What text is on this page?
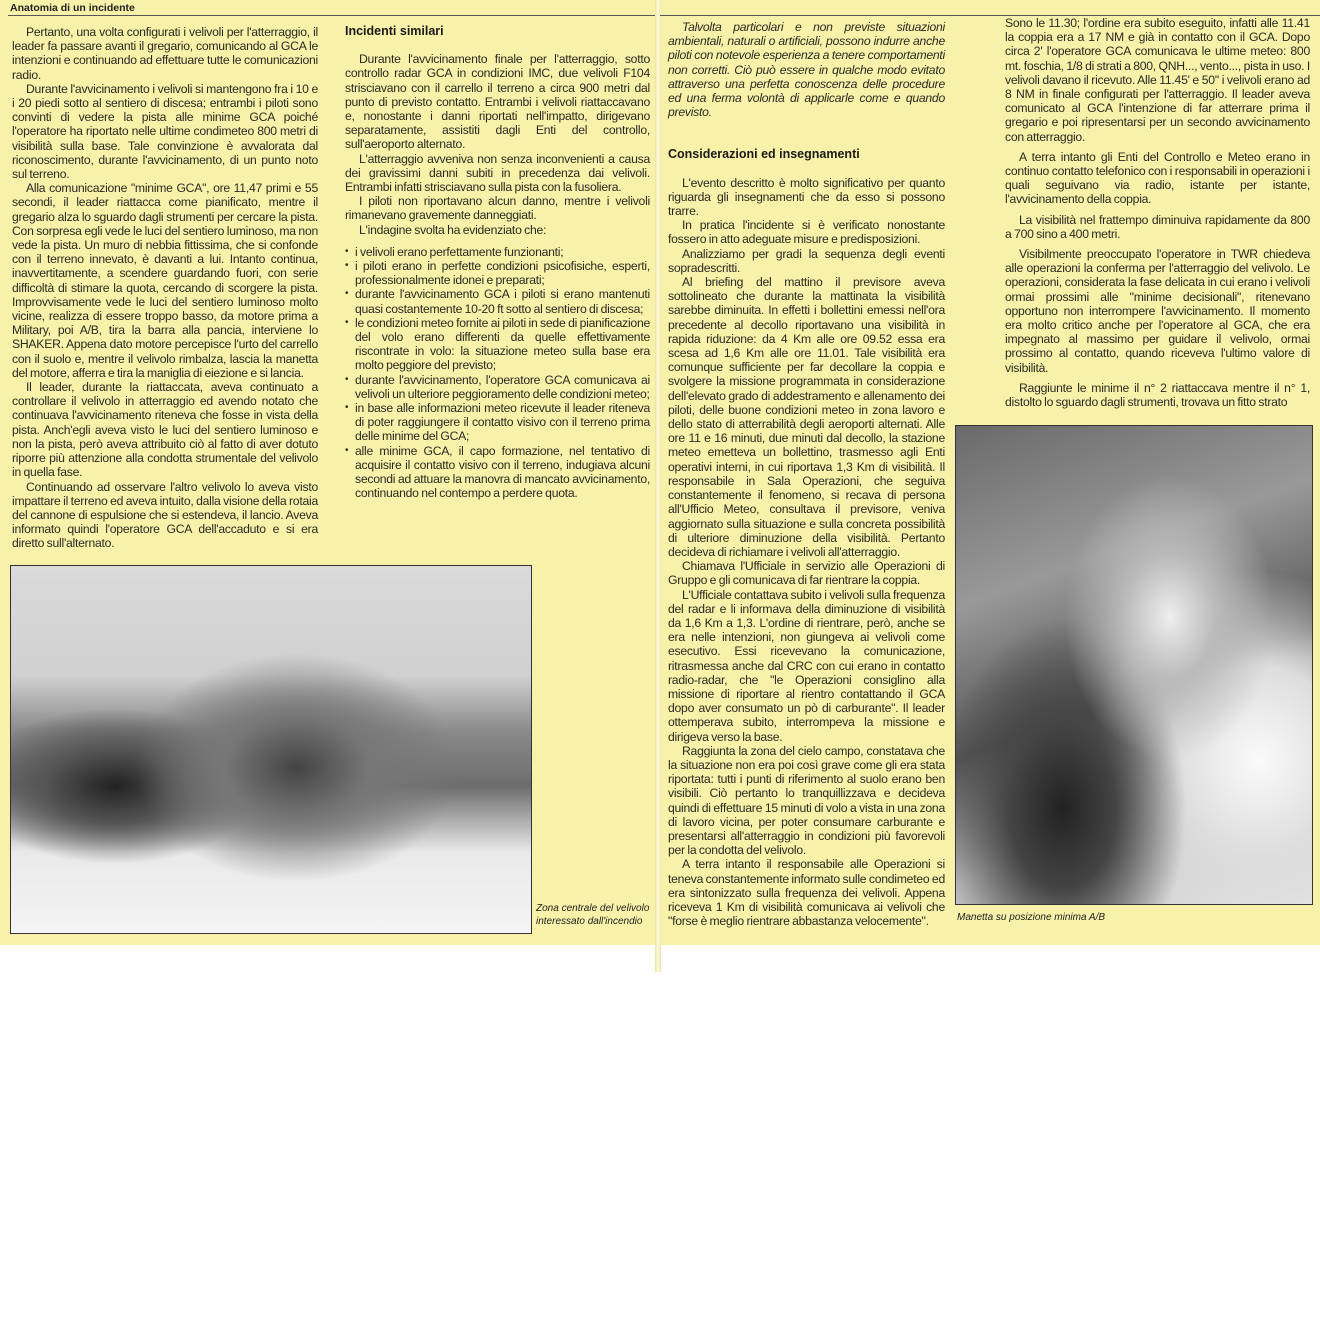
Anatomia di un incidente

Pertanto, una volta configurati i velivoli per l'atterraggio, il leader fa passare avanti il gregario, comunicando al GCA le intenzioni e continuando ad effettuare tutte le comunicazioni radio.

Durante l'avvicinamento i velivoli si mantengono fra i 10 e i 20 piedi sotto al sentiero di discesa; entrambi i piloti sono convinti di vedere la pista alle minime GCA poiché l'operatore ha riportato nelle ultime condimeteo 800 metri di visibilità sulla base. Tale convinzione è avvalorata dal riconoscimento, durante l'avvicinamento, di un punto noto sul terreno.

Alla comunicazione "minime GCA", ore 11,47 primi e 55 secondi, il leader riattacca come pianificato, mentre il gregario alza lo sguardo dagli strumenti per cercare la pista. Con sorpresa egli vede le luci del sentiero luminoso, ma non vede la pista. Un muro di nebbia fittissima, che si confonde con il terreno innevato, è davanti a lui. Intanto continua, inavvertitamente, a scendere guardando fuori, con serie difficoltà di stimare la quota, cercando di scorgere la pista. Improvvisamente vede le luci del sentiero luminoso molto vicine, realizza di essere troppo basso, da motore prima a Military, poi A/B, tira la barra alla pancia, interviene lo SHAKER. Appena dato motore percepisce l'urto del carrello con il suolo e, mentre il velivolo rimbalza, lascia la manetta del motore, afferra e tira la maniglia di eiezione e si lancia.

Il leader, durante la riattaccata, aveva continuato a controllare il velivolo in atterraggio ed avendo notato che continuava l'avvicinamento riteneva che fosse in vista della pista. Anch'egli aveva visto le luci del sentiero luminoso e non la pista, però aveva attribuito ciò al fatto di aver dotuto riporre più attenzione alla condotta strumentale del velivolo in quella fase.

Continuando ad osservare l'altro velivolo lo aveva visto impattare il terreno ed aveva intuito, dalla visione della rotaia del cannone di espulsione che si estendeva, il lancio. Aveva informato quindi l'operatore GCA dell'accaduto e si era diretto sull'alternato.

Incidenti similari

Durante l'avvicinamento finale per l'atterraggio, sotto controllo radar GCA in condizioni IMC, due velivoli F104 strisciavano con il carrello il terreno a circa 900 metri dal punto di previsto contatto. Entrambi i velivoli riattaccavano e, nonostante i danni riportati nell'impatto, dirigevano separatamente, assistiti dagli Enti del controllo, sull'aeroporto alternato.

L'atterraggio avveniva non senza inconvenienti a causa dei gravissimi danni subiti in precedenza dai velivoli. Entrambi infatti strisciavano sulla pista con la fusoliera.

I piloti non riportavano alcun danno, mentre i velivoli rimanevano gravemente danneggiati.

L'indagine svolta ha evidenziato che:

• i velivoli erano perfettamente funzionanti;
• i piloti erano in perfette condizioni psicofisiche, esperti, professionalmente idonei e preparati;
• durante l'avvicinamento GCA i piloti si erano mantenuti quasi costantemente 10-20 ft sotto al sentiero di discesa;
• le condizioni meteo fornite ai piloti in sede di pianificazione del volo erano differenti da quelle effettivamente riscontrate in volo: la situazione meteo sulla base era molto peggiore del previsto;
• durante l'avvicinamento, l'operatore GCA comunicava ai velivoli un ulteriore peggioramento delle condizioni meteo;
• in base alle informazioni meteo ricevute il leader riteneva di poter raggiungere il contatto visivo con il terreno prima delle minime del GCA;
• alle minime GCA, il capo formazione, nel tentativo di acquisire il contatto visivo con il terreno, indugiava alcuni secondi ad attuare la manovra di mancato avvicinamento, continuando nel contempo a perdere quota.
Zona centrale del velivolo interessato dall'incendio

Talvolta particolari e non previste situazioni ambientali, naturali o artificiali, possono indurre anche piloti con notevole esperienza a tenere comportamenti non corretti. Ciò può essere in qualche modo evitato attraverso una perfetta conoscenza delle procedure ed una ferma volontà di applicarle come e quando previsto.

Considerazioni ed insegnamenti

L'evento descritto è molto significativo per quanto riguarda gli insegnamenti che da esso si possono trarre.

In pratica l'incidente si è verificato nonostante fossero in atto adeguate misure e predisposizioni.

Analizziamo per gradi la sequenza degli eventi sopradescritti.

Al briefing del mattino il previsore aveva sottolineato che durante la mattinata la visibilità sarebbe diminuita. In effetti i bollettini emessi nell'ora precedente al decollo riportavano una visibilità in rapida riduzione: da 4 Km alle ore 09.52 essa era scesa ad 1,6 Km alle ore 11.01. Tale visibilità era comunque sufficiente per far decollare la coppia e svolgere la missione programmata in considerazione dell'elevato grado di addestramento e allenamento dei piloti, delle buone condizioni meteo in zona lavoro e dello stato di atterrabilità degli aeroporti alternati. Alle ore 11 e 16 minuti, due minuti dal decollo, la stazione meteo emetteva un bollettino, trasmesso agli Enti operativi interni, in cui riportava 1,3 Km di visibilità. Il responsabile in Sala Operazioni, che seguiva constantemente il fenomeno, si recava di persona all'Ufficio Meteo, consultava il previsore, veniva aggiornato sulla situazione e sulla concreta possibilità di ulteriore diminuzione della visibilità. Pertanto decideva di richiamare i velivoli all'atterraggio.

Chiamava l'Ufficiale in servizio alle Operazioni di Gruppo e gli comunicava di far rientrare la coppia.

L'Ufficiale contattava subito i velivoli sulla frequenza del radar e li informava della diminuzione di visibilità da 1,6 Km a 1,3. L'ordine di rientrare, però, anche se era nelle intenzioni, non giungeva ai velivoli come esecutivo. Essi ricevevano la comunicazione, ritrasmessa anche dal CRC con cui erano in contatto radio-radar, che "le Operazioni consiglino alla missione di riportare al rientro contattando il GCA dopo aver consumato un pò di carburante". Il leader ottemperava subito, interrompeva la missione e dirigeva verso la base.

Raggiunta la zona del cielo campo, constatava che la situazione non era poi così grave come gli era stata riportata: tutti i punti di riferimento al suolo erano ben visibili. Ciò pertanto lo tranquillizzava e decideva quindi di effettuare 15 minuti di volo a vista in una zona di lavoro vicina, per poter consumare carburante e presentarsi all'atterraggio in condizioni più favorevoli per la condotta del velivolo.

A terra intanto il responsabile alle Operazioni si teneva constantemente informato sulle condimeteo ed era sintonizzato sulla frequenza dei velivoli. Appena riceveva 1 Km di visibilità comunicava ai velivoli che "forse è meglio rientrare abbastanza velocemente".

Sono le 11.30; l'ordine era subito eseguito, infatti alle 11.41 la coppia era a 17 NM e già in contatto con il GCA. Dopo circa 2' l'operatore GCA comunicava le ultime meteo: 800 mt. foschia, 1/8 di strati a 800, QNH..., vento..., pista in uso. I velivoli davano il ricevuto. Alle 11.45' e 50'' i velivoli erano ad 8 NM in finale configurati per l'atterraggio. Il leader aveva comunicato al GCA l'intenzione di far atterrare prima il gregario e poi ripresentarsi per un secondo avvicinamento con atterraggio.

A terra intanto gli Enti del Controllo e Meteo erano in continuo contatto telefonico con i responsabili in operazioni i quali seguivano via radio, istante per istante, l'avvicinamento della coppia.

La visibilità nel frattempo diminuiva rapidamente da 800 a 700 sino a 400 metri.

Visibilmente preoccupato l'operatore in TWR chiedeva alle operazioni la conferma per l'atterraggio del velivolo. Le operazioni, considerata la fase delicata in cui erano i velivoli ormai prossimi alle "minime decisionali", ritenevano opportuno non interrompere l'avvicinamento. Il momento era molto critico anche per l'operatore al GCA, che era impegnato al massimo per guidare il velivolo, ormai prossimo al contatto, quando riceveva l'ultimo valore di visibilità.

Raggiunte le minime il n° 2 riattaccava mentre il n° 1, distolto lo sguardo dagli strumenti, trovava un fitto strato

Manetta su posizione minima A/B
